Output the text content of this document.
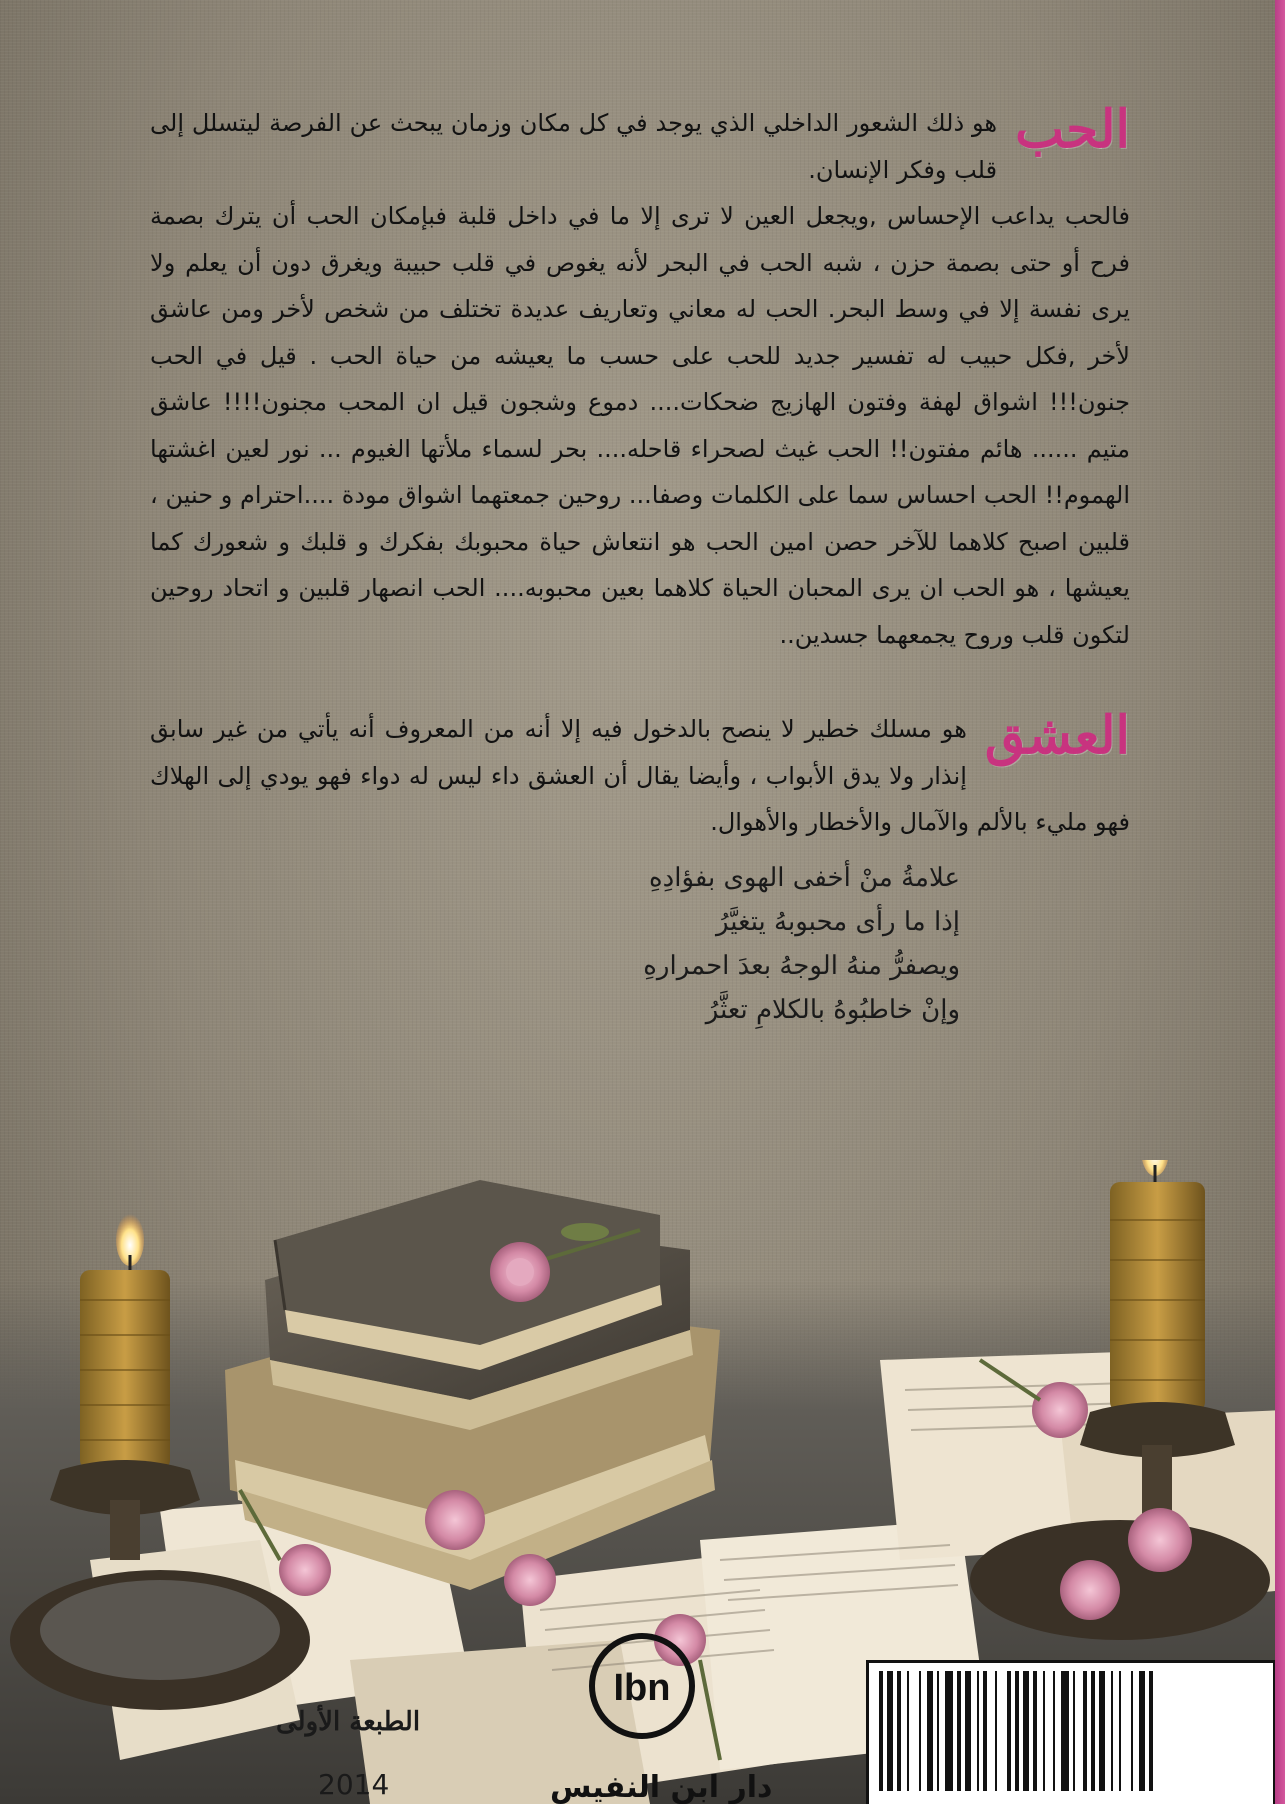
الحب

هو ذلك الشعور الداخلي الذي يوجد في كل مكان وزمان يبحث عن الفرصة ليتسلل إلى قلب وفكر الإنسان.

فالحب يداعب الإحساس ,ويجعل العين لا ترى إلا ما في داخل قلبة فبإمكان الحب أن يترك بصمة فرح أو حتى بصمة حزن ، شبه الحب في البحر لأنه يغوص في قلب حبيبة ويغرق دون أن يعلم ولا يرى نفسة إلا في وسط البحر. الحب له معاني وتعاريف عديدة تختلف من شخص لأخر ومن عاشق لأخر ,فكل حبيب له تفسير جديد للحب على حسب ما يعيشه من حياة الحب . قيل في الحب جنون!!! اشواق لهفة وفتون الهازيج ضحكات.... دموع وشجون قيل ان المحب مجنون!!!! عاشق متيم ...... هائم مفتون!! الحب غيث لصحراء قاحله.... بحر لسماء ملأتها الغيوم ... نور لعين اغشتها الهموم!! الحب احساس سما على الكلمات وصفا... روحين جمعتهما اشواق مودة ....احترام و حنين ، قلبين اصبح كلاهما للآخر حصن امين الحب هو انتعاش حياة محبوبك بفكرك و قلبك و شعورك كما يعيشها ، هو الحب ان يرى المحبان الحياة كلاهما بعين محبوبه.... الحب انصهار قلبين و اتحاد روحين لتكون قلب وروح يجمعهما جسدين..

العشق

هو مسلك خطير لا ينصح بالدخول فيه إلا أنه من المعروف أنه يأتي من غير سابق إنذار ولا يدق الأبواب ، وأيضا يقال أن العشق داء ليس له دواء فهو يودي إلى الهلاك فهو مليء بالألم والآمال والأخطار والأهوال.

علامةُ منْ أخفى الهوى بفؤادِهِ
إذا ما رأى محبوبهُ يتغيَّرُ
ويصفرُّ منهُ الوجهُ بعدَ احمرارهِ
وإنْ خاطبُوهُ بالكلامِ تعثَّرُ
Ibn
الطبعة الأولى
2014	دار ابن النفيس
